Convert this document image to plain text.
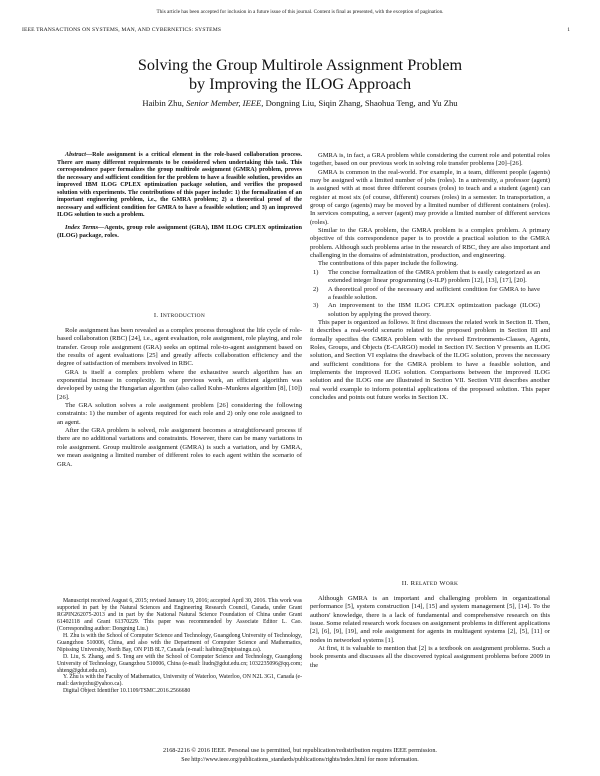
This article has been accepted for inclusion in a future issue of this journal. Content is final as presented, with the exception of pagination.
IEEE TRANSACTIONS ON SYSTEMS, MAN, AND CYBERNETICS: SYSTEMS	1
Solving the Group Multirole Assignment Problem
by Improving the ILOG Approach
Haibin Zhu, Senior Member, IEEE, Dongning Liu, Siqin Zhang, Shaohua Teng, and Yu Zhu

Abstract—Role assignment is a critical element in the role-based collaboration process. There are many different requirements to be considered when undertaking this task. This correspondence paper formalizes the group multirole assignment (GMRA) problem, proves the necessary and sufficient condition for the problem to have a feasible solution, provides an improved IBM ILOG CPLEX optimization package solution, and verifies the proposed solution with experiments. The contributions of this paper include: 1) the formalization of an important engineering problem, i.e., the GMRA problem; 2) a theoretical proof of the necessary and sufficient condition for GMRA to have a feasible solution; and 3) an improved ILOG solution to such a problem.

Index Terms—Agents, group role assignment (GRA), IBM ILOG CPLEX optimization (ILOG) package, roles.

I. INTRODUCTION

Role assignment has been revealed as a complex process throughout the life cycle of role-based collaboration (RBC) [24], i.e., agent evaluation, role assignment, role playing, and role transfer. Group role assignment (GRA) seeks an optimal role-to-agent assignment based on the results of agent evaluations [25] and greatly affects collaboration efficiency and the degree of satisfaction of members involved in RBC.

GRA is itself a complex problem where the exhaustive search algorithm has an exponential increase in complexity. In our previous work, an efficient algorithm was developed by using the Hungarian algorithm (also called Kuhn–Munkres algorithm [8], [10]) [26].

The GRA solution solves a role assignment problem [26] considering the following constraints: 1) the number of agents required for each role and 2) only one role assigned to an agent.

After the GRA problem is solved, role assignment becomes a straightforward process if there are no additional variations and constraints. However, there can be many variations in role assignment. Group multirole assignment (GMRA) is such a variation, and by GMRA, we mean assigning a limited number of different roles to each agent within the scenario of GRA.

Manuscript received August 6, 2015; revised January 19, 2016; accepted April 30, 2016. This work was supported in part by the Natural Sciences and Engineering Research Council, Canada, under Grant RGPIN262075-2013 and in part by the National Natural Science Foundation of China under Grant 61402118 and Grant 61370229. This paper was recommended by Associate Editor L. Cao. (Corresponding author: Dongning Liu.)

H. Zhu is with the School of Computer Science and Technology, Guangdong University of Technology, Guangzhou 510006, China, and also with the Department of Computer Science and Mathematics, Nipissing University, North Bay, ON P1B 8L7, Canada (e-mail: haibinz@nipissingu.ca).

D. Liu, S. Zhang, and S. Teng are with the School of Computer Science and Technology, Guangdong University of Technology, Guangzhou 510006, China (e-mail: liudn@gdut.edu.cn; 1032235096@qq.com; shteng@gdut.edu.cn).

Y. Zhu is with the Faculty of Mathematics, University of Waterloo, Waterloo, ON N2L 3G1, Canada (e-mail: davisyzhu@yahoo.ca).

Digital Object Identifier 10.1109/TSMC.2016.2566680

GMRA is, in fact, a GRA problem while considering the current role and potential roles together, based on our previous work in solving role transfer problems [20]–[26].

GMRA is common in the real-world. For example, in a team, different people (agents) may be assigned with a limited number of jobs (roles). In a university, a professor (agent) is assigned with at most three different courses (roles) to teach and a student (agent) can register at most six (of course, different) courses (roles) in a semester. In transportation, a group of cargo (agents) may be moved by a limited number of different containers (roles). In services computing, a server (agent) may provide a limited number of different services (roles).

Similar to the GRA problem, the GMRA problem is a complex problem. A primary objective of this correspondence paper is to provide a practical solution to the GMRA problem. Although such problems arise in the research of RBC, they are also important and challenging in the domains of administration, production, and engineering.

The contributions of this paper include the following.

1) The concise formalization of the GMRA problem that is easily categorized as an extended integer linear programming (x-ILP) problem [12], [13], [17], [20].
2) A theoretical proof of the necessary and sufficient condition for GMRA to have a feasible solution.
3) An improvement to the IBM ILOG CPLEX optimization package (ILOG) solution by applying the proved theory.

This paper is organized as follows. It first discusses the related work in Section II. Then, it describes a real-world scenario related to the proposed problem in Section III and formally specifies the GMRA problem with the revised Environments-Classes, Agents, Roles, Groups, and Objects (E-CARGO) model in Section IV. Section V presents an ILOG solution, and Section VI explains the drawback of the ILOG solution, proves the necessary and sufficient conditions for the GMRA problem to have a feasible solution, and implements the improved ILOG solution. Comparisons between the improved ILOG solution and the ILOG one are illustrated in Section VII. Section VIII describes another real world example to inform potential applications of the proposed solution. This paper concludes and points out future works in Section IX.

II. RELATED WORK

Although GMRA is an important and challenging problem in organizational performance [5], system construction [14], [15] and system management [5], [14]. To the authors' knowledge, there is a lack of fundamental and comprehensive research on this issue. Some related research work focuses on assignment problems in different applications [2], [6], [9], [19], and role assignment for agents in multiagent systems [2], [5], [11] or nodes in networked systems [1].

At first, it is valuable to mention that [2] is a textbook on assignment problems. Such a book presents and discusses all the discovered typical assignment problems before 2009 in the

2168-2216 © 2016 IEEE. Personal use is permitted, but republication/redistribution requires IEEE permission.
See http://www.ieee.org/publications_standards/publications/rights/index.html for more information.
